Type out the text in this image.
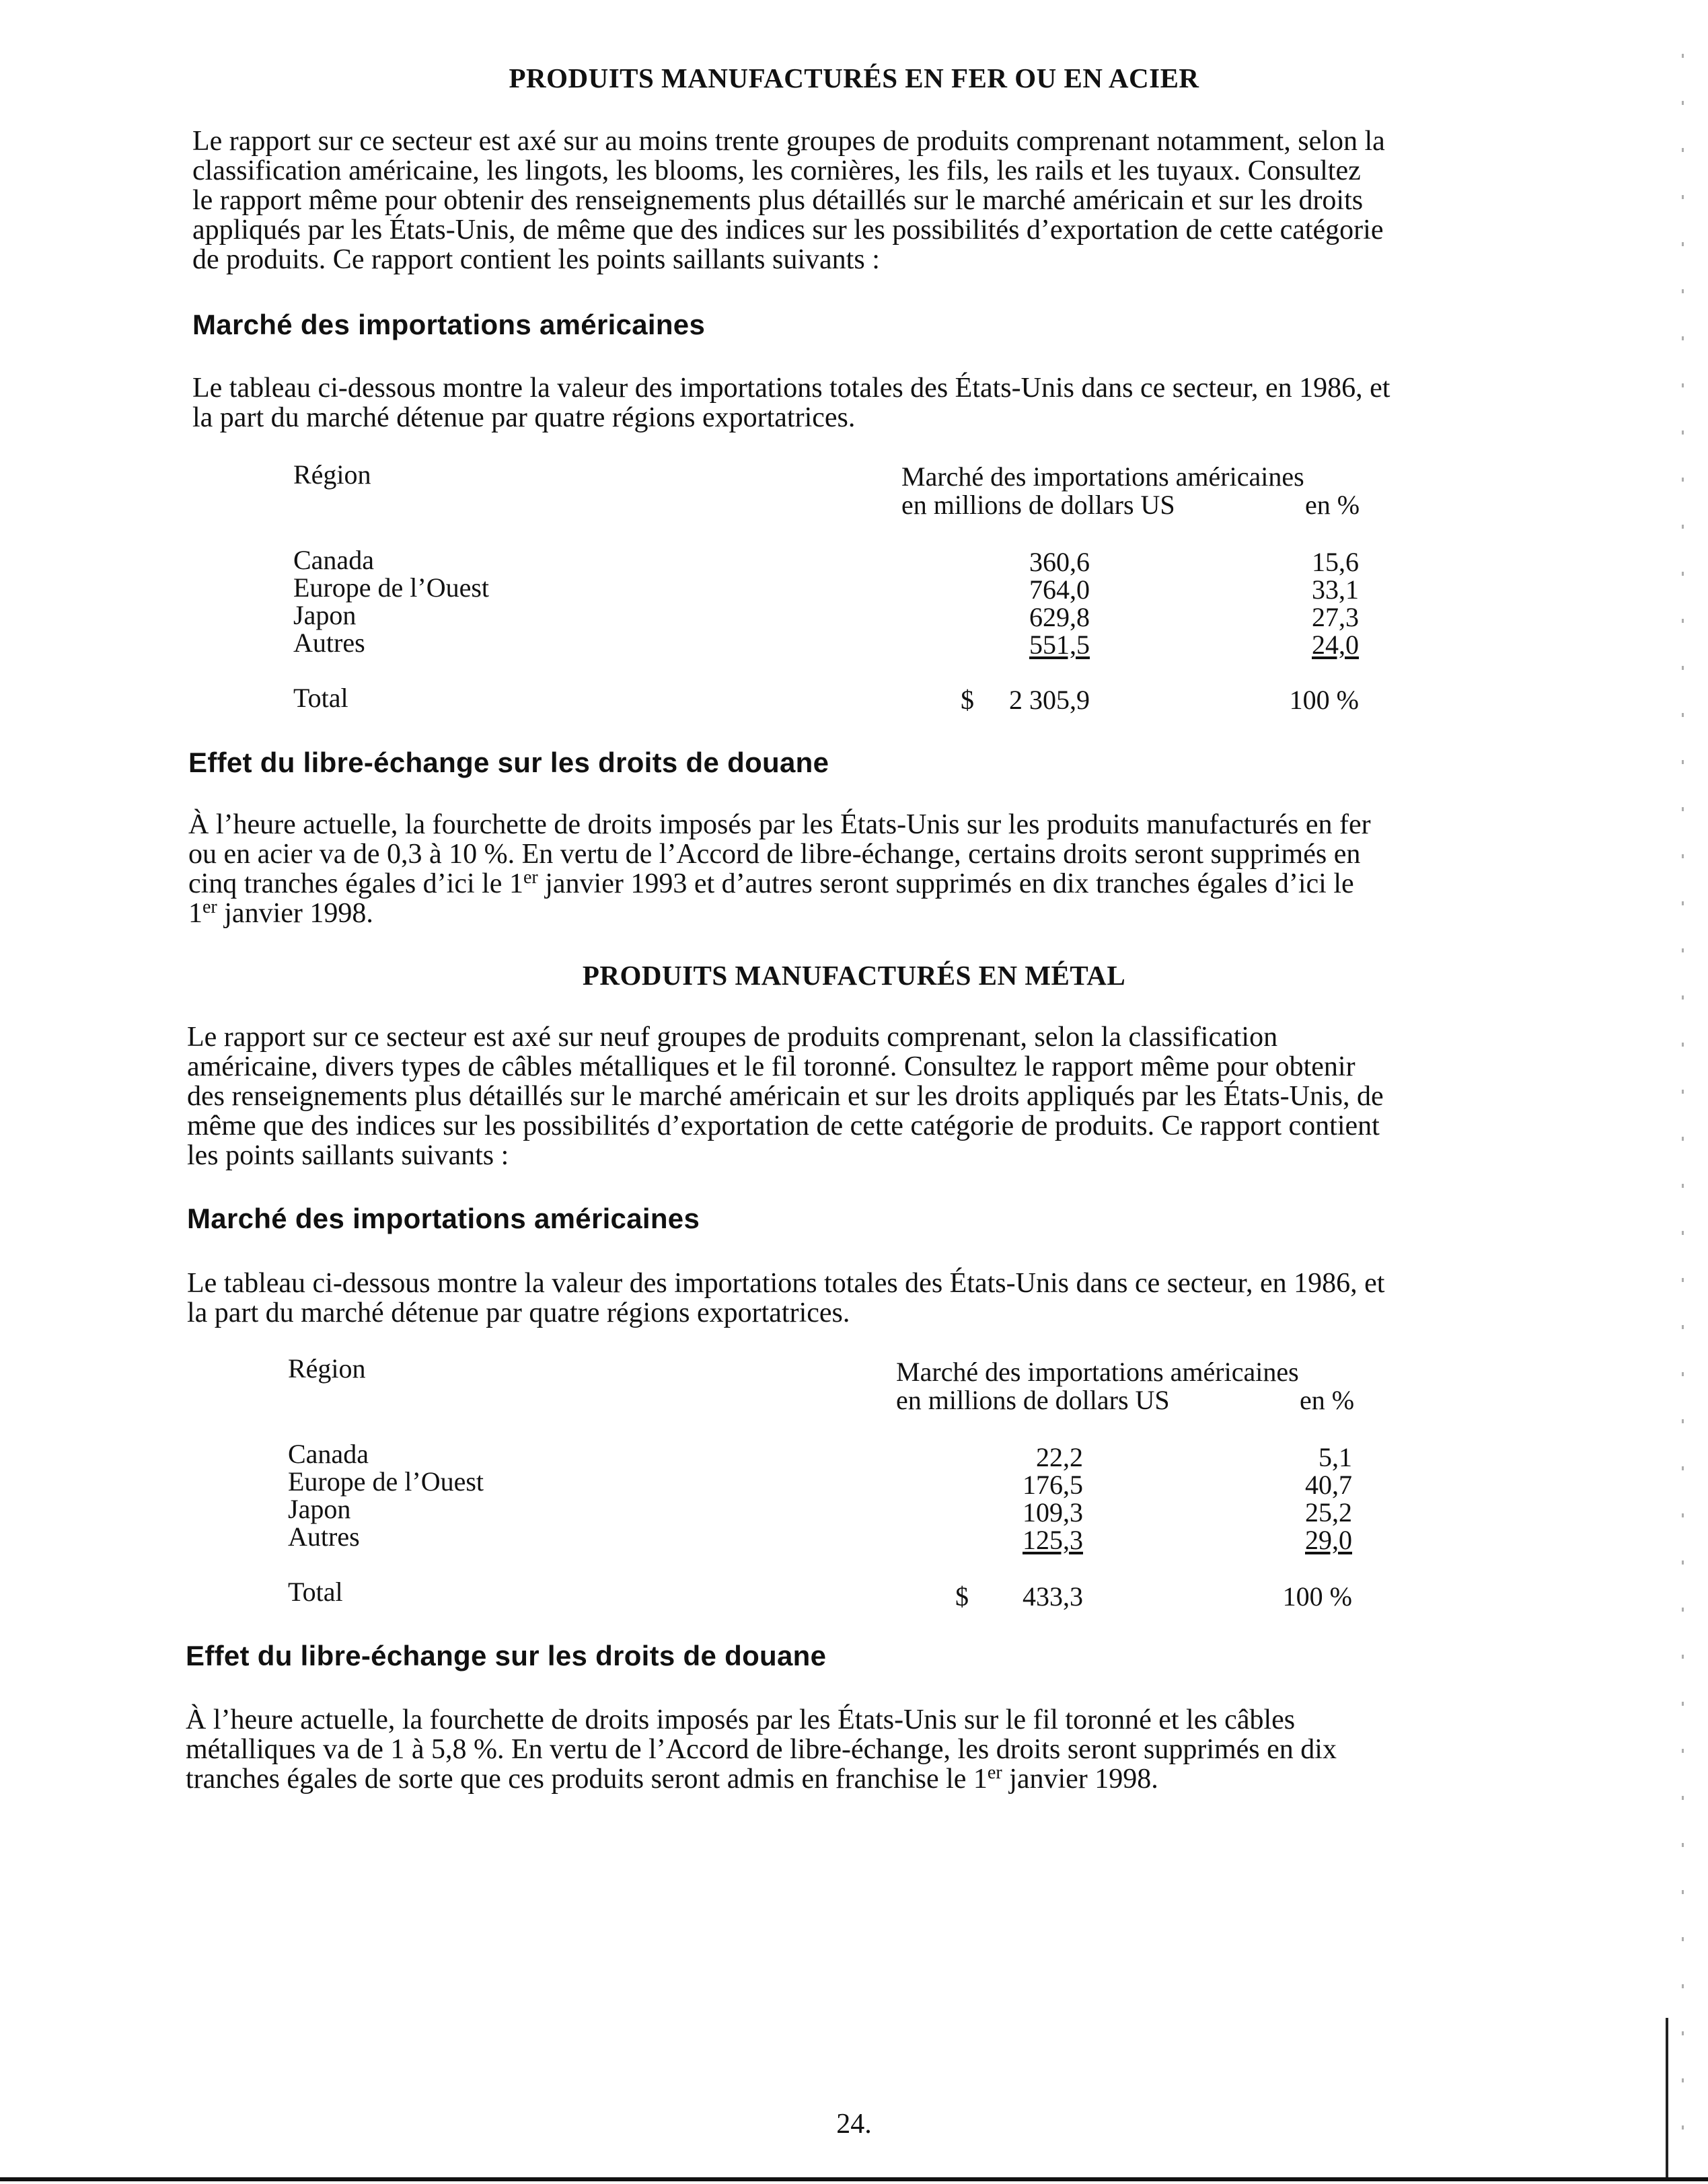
PRODUITS MANUFACTURÉS EN FER OU EN ACIER
Le rapport sur ce secteur est axé sur au moins trente groupes de produits comprenant notamment, selon la
classification américaine, les lingots, les blooms, les cornières, les fils, les rails et les tuyaux. Consultez
le rapport même pour obtenir des renseignements plus détaillés sur le marché américain et sur les droits
appliqués par les États-Unis, de même que des indices sur les possibilités d’exportation de cette catégorie
de produits. Ce rapport contient les points saillants suivants :
Marché des importations américaines
Le tableau ci-dessous montre la valeur des importations totales des États-Unis dans ce secteur, en 1986, et
la part du marché détenue par quatre régions exportatrices.
Région	Marché des importations américaines
en millions de dollars US	en %
Canada	360,6	15,6
Europe de l’Ouest	764,0	33,1
Japon	629,8	27,3
Autres	551,5	24,0
Total	$	2 305,9	100 %
Effet du libre-échange sur les droits de douane
À l’heure actuelle, la fourchette de droits imposés par les États-Unis sur les produits manufacturés en fer
ou en acier va de 0,3 à 10 %. En vertu de l’Accord de libre-échange, certains droits seront supprimés en
cinq tranches égales d’ici le 1er janvier 1993 et d’autres seront supprimés en dix tranches égales d’ici le
1er janvier 1998.
PRODUITS MANUFACTURÉS EN MÉTAL
Le rapport sur ce secteur est axé sur neuf groupes de produits comprenant, selon la classification
américaine, divers types de câbles métalliques et le fil toronné. Consultez le rapport même pour obtenir
des renseignements plus détaillés sur le marché américain et sur les droits appliqués par les États-Unis, de
même que des indices sur les possibilités d’exportation de cette catégorie de produits. Ce rapport contient
les points saillants suivants :
Marché des importations américaines
Le tableau ci-dessous montre la valeur des importations totales des États-Unis dans ce secteur, en 1986, et
la part du marché détenue par quatre régions exportatrices.
Région	Marché des importations américaines
en millions de dollars US	en %
Canada	22,2	5,1
Europe de l’Ouest	176,5	40,7
Japon	109,3	25,2
Autres	125,3	29,0
Total	$	433,3	100 %
Effet du libre-échange sur les droits de douane
À l’heure actuelle, la fourchette de droits imposés par les États-Unis sur le fil toronné et les câbles
métalliques va de 1 à 5,8 %. En vertu de l’Accord de libre-échange, les droits seront supprimés en dix
tranches égales de sorte que ces produits seront admis en franchise le 1er janvier 1998.
24.
